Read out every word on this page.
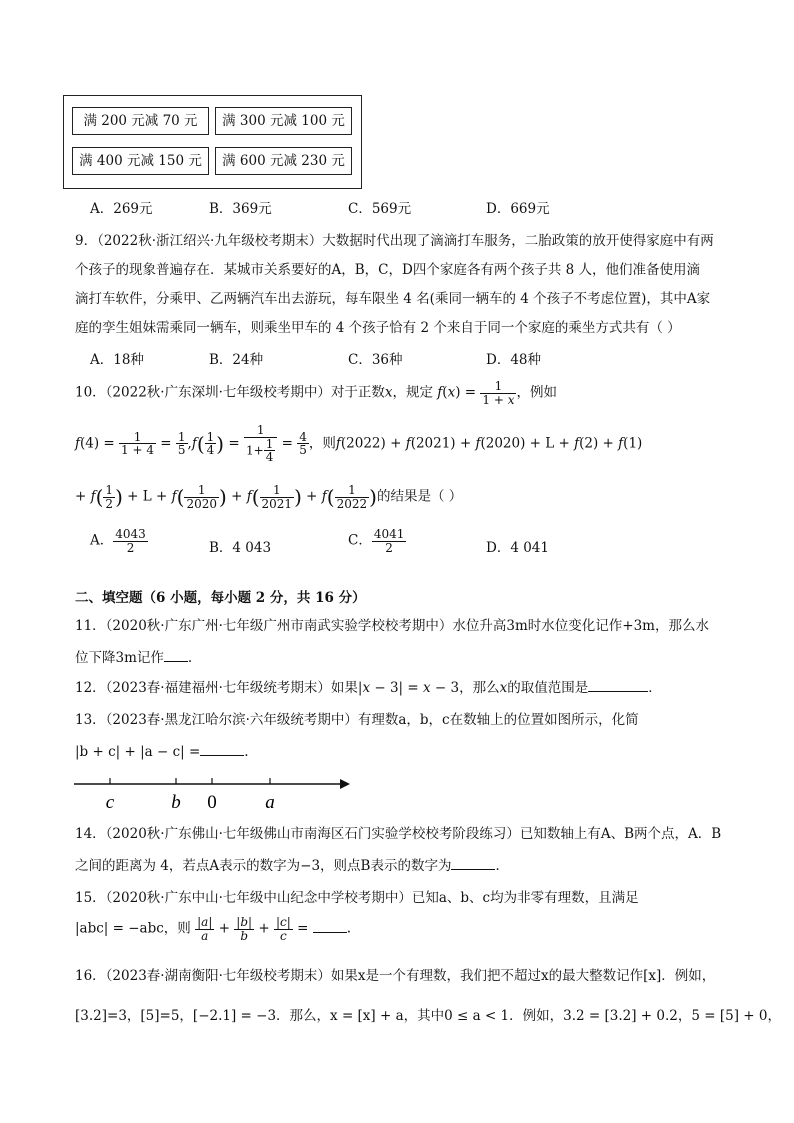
满 200 元减 70 元	满 300 元减 100 元
满 400 元减 150 元	满 600 元减 230 元
A．269元	B．369元	C．569元	D．669元
9．（2022秋·浙江绍兴·九年级校考期末）大数据时代出现了滴滴打车服务，二胎政策的放开使得家庭中有两
个孩子的现象普遍存在．某城市关系要好的A，B，C，D四个家庭各有两个孩子共 8 人，他们准备使用滴
滴打车软件，分乘甲、乙两辆汽车出去游玩，每车限坐 4 名(乘同一辆车的 4 个孩子不考虑位置)，其中A家
庭的孪生姐妹需乘同一辆车，则乘坐甲车的 4 个孩子恰有 2 个来自于同一个家庭的乘坐方式共有（ ）
A．18种	B．24种	C．36种	D．48种
10．（2022秋·广东深圳·七年级校考期中）对于正数x，规定 $f(x) = \frac{1}{1 + x}$ ，例如
$f(4) = \frac{1}{1 + 4} = \frac{1}{5} ,f( \frac{1}{4}$ ) = $\frac{1}{1+ \frac{1}{4}} = \frac{4}{5}$ ，则f(2022) + f(2021) + f(2020) + L + f(2) + f(1)
+ $f( \frac{1}{2}$ ) + $L + f( \frac{1}{2020}$ ) + $f( \frac{1}{2021}$ ) + $f( \frac{1}{2022}$ )的结果是（ ）
A． $\frac{4043}{2}$	B．4 043	C． $\frac{4041}{2}$	D．4 041
二、填空题（6 小题，每小题 2 分，共 16 分）
11．（2020秋·广东广州·七年级广州市南武实验学校校考期中）水位升高3m时水位变化记作+3m，那么水
位下降3m记作 .
12．（2023春·福建福州·七年级统考期末）如果|x − 3| = x − 3，那么x的取值范围是	．
13．（2023春·黑龙江哈尔滨·六年级统考期中）有理数a，b，c在数轴上的位置如图所示，化简
|b + c| + |a − c| =	.
c	b 0	a
14．（2020秋·广东佛山·七年级佛山市南海区石门实验学校校考阶段练习）已知数轴上有A、B两个点，A．B
之间的距离为 4，若点A表示的数字为−3，则点B表示的数字为	．
15．（2020秋·广东中山·七年级中山纪念中学校考期中）已知a、b、c均为非零有理数，且满足
|abc| = −abc，则 $\frac{|a|}{a} + \frac{|b|}{b} + \frac{|c|}{c}$ =	.
16．（2023春·湖南衡阳·七年级校考期末）如果x是一个有理数，我们把不超过x的最大整数记作[x]．例如，
[3.2]=3，[5]=5，[−2.1] = −3．那么，x = [x] + a，其中0 ≤ a < 1．例如，3.2 = [3.2] + 0.2，5 = [5] + 0，
